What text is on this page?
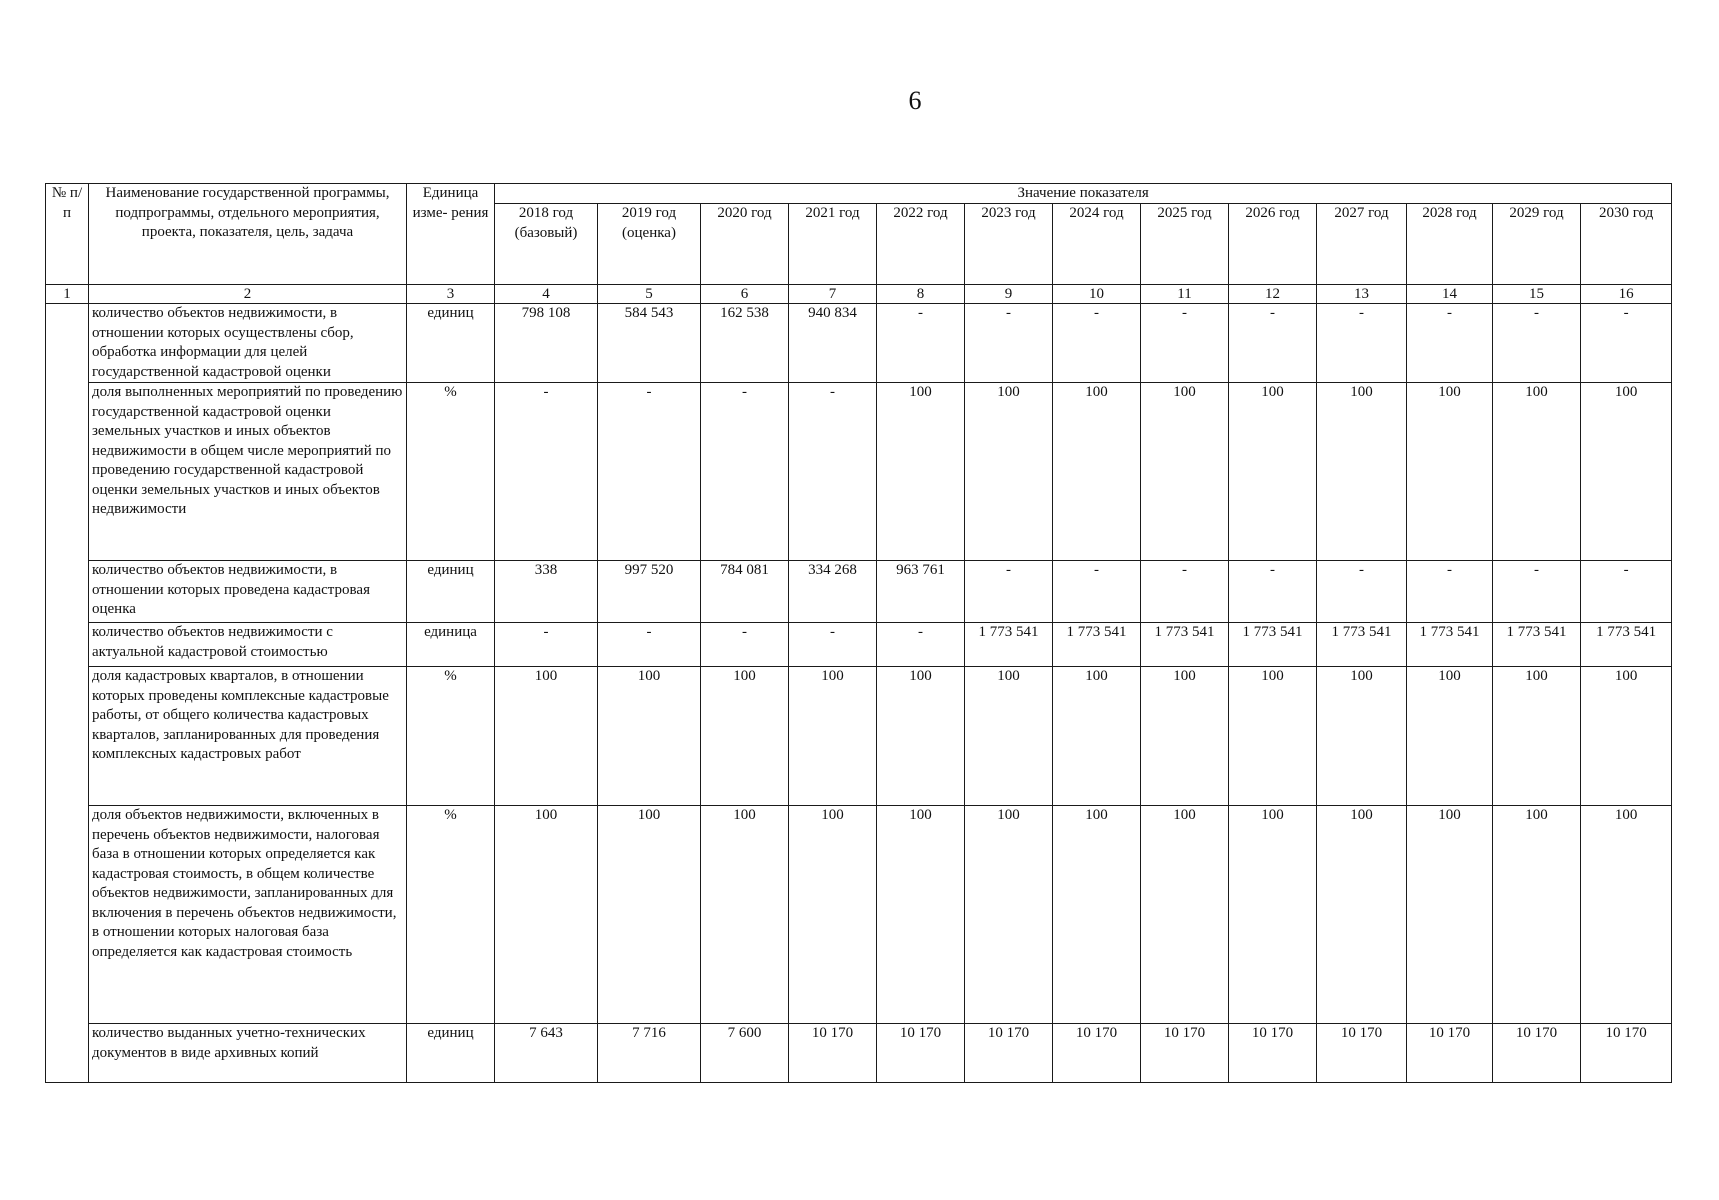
6
№ п/ п	Наименование государственной программы, подпрограммы, отдельного мероприятия, проекта, показателя, цель, задача	Единица изме- рения	Значение показателя												
			2018 год (базовый)	2019 год (оценка)	2020 год	2021 год	2022 год	2023 год	2024 год	2025 год	2026 год	2027 год	2028 год	2029 год	2030 год
1	2	3	4	5	6	7	8	9	10	11	12	13	14	15	16
	количество объектов недвижимости, в отношении которых осуществлены сбор, обработка информации для целей государственной кадастровой оценки	единиц	798 108	584 543	162 538	940 834	-	-	-	-	-	-	-	-	-
	доля выполненных мероприятий по проведению государственной кадастровой оценки земельных участков и иных объектов недвижимости в общем числе мероприятий по проведению государственной кадастровой оценки земельных участков и иных объектов недвижимости	%	-	-	-	-	100	100	100	100	100	100	100	100	100
	количество объектов недвижимости, в отношении которых проведена кадастровая оценка	единиц	338	997 520	784 081	334 268	963 761	-	-	-	-	-	-	-	-
	количество объектов недвижимости с актуальной кадастровой стоимостью	единица	-	-	-	-	-	1 773 541	1 773 541	1 773 541	1 773 541	1 773 541	1 773 541	1 773 541	1 773 541
	доля кадастровых кварталов, в отношении которых проведены комплексные кадастровые работы, от общего количества кадастровых кварталов, запланированных для проведения комплексных кадастровых работ	%	100	100	100	100	100	100	100	100	100	100	100	100	100
	доля объектов недвижимости, включенных в перечень объектов недвижимости, налоговая база в отношении которых определяется как кадастровая стоимость, в общем количестве объектов недвижимости, запланированных для включения в перечень объектов недвижимости, в отношении которых налоговая база определяется как кадастровая стоимость	%	100	100	100	100	100	100	100	100	100	100	100	100	100
	количество выданных учетно-технических документов в виде архивных копий	единиц	7 643	7 716	7 600	10 170	10 170	10 170	10 170	10 170	10 170	10 170	10 170	10 170	10 170
